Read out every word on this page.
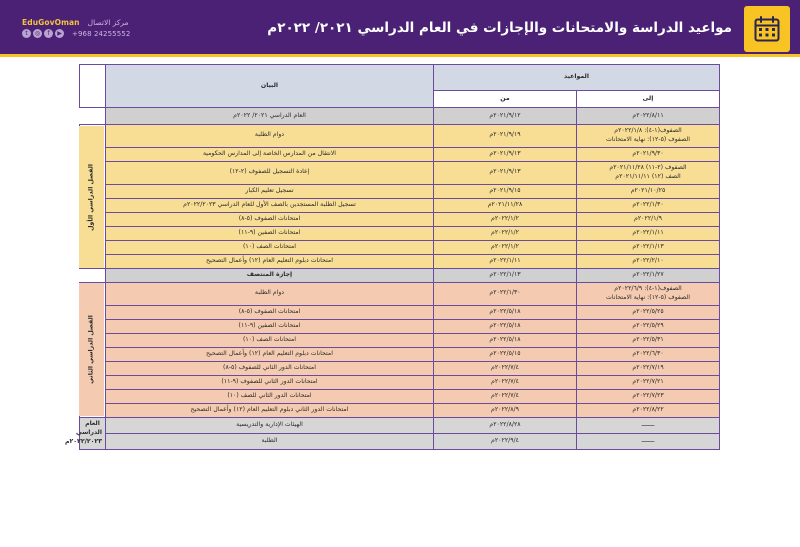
EduGovOman مركز الاتصال
t	◎	f	▶	+968 24255552	مواعيد الدراسة والامتحانات والإجازات في العام الدراسي ٢٠٢١/ ٢٠٢٢م
المواعيد		البيان	
إلى	من		
٢٠٢٢/٨/١١م	٢٠٢١/٩/١٢م	العام الدراسي ٢٠٢١/ ٢٠٢٢م	
الصفوف(١-٤): ٢٠٢٢/١/٨م
الصفوف (٥-١٢): نهاية الامتحانات	٢٠٢١/٩/١٩م	دوام الطلبة	الفصل الدراسي الأول
٢٠٢١/٩/٣٠م	٢٠٢١/٩/١٣م	الانتقال من المدارس الخاصة إلى المدارس الحكومية	
الصفوف (٢-١١) ٢٠٢١/١١/٢٨م
الصف (١٢) ٢٠٢١/١١/١١م	٢٠٢١/٩/١٣م	إعادة التسجيل للصفوف (٢-١٢)	
٢٠٢١/١٠/٢٥م	٢٠٢١/٩/١٥م	تسجيل تعليم الكبار	
٢٠٢٢/١/٣٠م	٢٠٢١/١١/٢٨م	تسجيل الطلبة المستجدين بالصف الأول للعام الدراسي ٢٠٢٢/٢٠٢٣م	
٢٠٢٢/١/٩م	٢٠٢٢/١/٢م	امتحانات الصفوف (٥-٨)	
٢٠٢٢/١/١١م	٢٠٢٢/١/٢م	امتحانات الصفين (٩-١١)	
٢٠٢٢/١/١٣م	٢٠٢٢/١/٢م	امتحانات الصف (١٠)	
٢٠٢٢/٢/١٠م	٢٠٢٢/١/١١م	امتحانات دبلوم التعليم العام (١٢) وأعمال التصحيح	
٢٠٢٢/١/٢٧م	٢٠٢٢/١/١٣م	إجازة المنتصف	
الصفوف(١-٤): ٢٠٢٢/٦/٩م
الصفوف (٥-١٢): نهاية الامتحانات	٢٠٢٢/١/٣٠م	دوام الطلبة	الفصل الدراسي الثاني
٢٠٢٢/٥/٢٥م	٢٠٢٢/٥/١٨م	امتحانات الصفوف (٥-٨)	
٢٠٢٢/٥/٢٩م	٢٠٢٢/٥/١٨م	امتحانات الصفين (٩-١١)	
٢٠٢٢/٥/٣١م	٢٠٢٢/٥/١٨م	امتحانات الصف (١٠)	
٢٠٢٢/٦/٣٠م	٢٠٢٢/٥/١٥م	امتحانات دبلوم التعليم العام (١٢) وأعمال التصحيح	
٢٠٢٢/٧/١٩م	٢٠٢٢/٧/٤م	امتحانات الدور الثاني للصفوف (٥-٨)	
٢٠٢٢/٧/٢١م	٢٠٢٢/٧/٤م	امتحانات الدور الثاني للصفوف (٩-١١)	
٢٠٢٢/٧/٢٣م	٢٠٢٢/٧/٤م	امتحانات الدور الثاني للصف (١٠)	
٢٠٢٢/٨/٢٢م	٢٠٢٢/٨/٩م	امتحانات الدور الثاني دبلوم التعليم العام (١٢) وأعمال التصحيح	
ـــــــ	٢٠٢٢/٨/٢٨م	الهيئات الإدارية والتدريسية	العام الدراسي
٢٠٢٢/٢٠٢٣م
ـــــــ	٢٠٢٢/٩/٤م	الطلبة	
